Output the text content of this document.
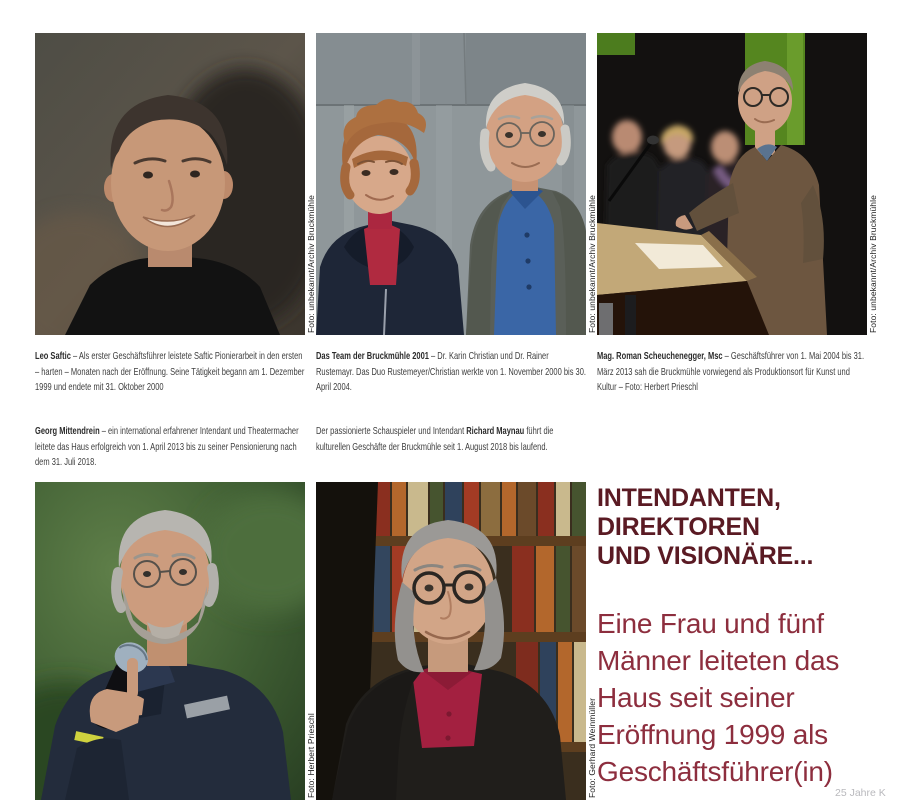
Foto: unbekannt/Archiv Bruckmühle	Foto: unbekannt/Archiv Bruckmühle	Foto: unbekannt/Archiv Bruckmühle
Foto: Herbert Prieschl	Foto: Gerhard Weinmüller

Leo Saftic – Als erster Geschäftsführer leistete Saftic Pionierarbeit in den ersten – harten – Monaten nach der Eröffnung. Seine Tätigkeit begann am 1. Dezember 1999 und endete mit 31. Oktober 2000

Das Team der Bruckmühle 2001 – Dr. Karin Christian und Dr. Rainer Rustemayr. Das Duo Rustemeyer/Christian werkte von 1. November 2000 bis 30. April 2004.

Mag. Roman Scheuchenegger, Msc – Geschäftsführer von 1. Mai 2004 bis 31. März 2013 sah die Bruckmühle vorwiegend als Produktionsort für Kunst und Kultur – Foto: Herbert Prieschl

Georg Mittendrein – ein international erfahrener Intendant und Theatermacher leitete das Haus erfolgreich von 1. April 2013 bis zu seiner Pensionierung nach dem 31. Juli 2018.

Der passionierte Schauspieler und Intendant Richard Maynau führt die kulturellen Geschäfte der Bruckmühle seit 1. August 2018 bis laufend.

INTENDANTEN,
DIREKTOREN
UND VISIONÄRE...
Eine Frau und fünf
Männer leiteten das
Haus seit seiner
Eröffnung 1999 als
Geschäftsführer(in)
25 Jahre K
